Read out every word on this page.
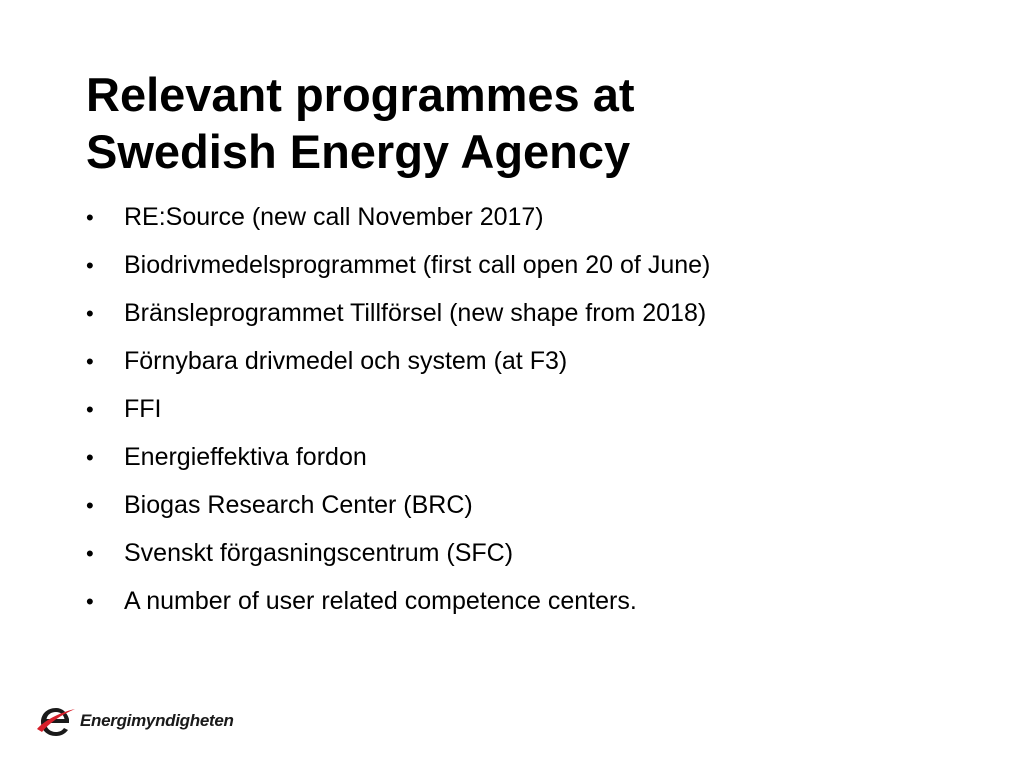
Relevant programmes at
Swedish Energy Agency
•	RE:Source (new call November 2017)
•	Biodrivmedelsprogrammet (first call open 20 of June)
•	Bränsleprogrammet Tillförsel (new shape from 2018)
•	Förnybara drivmedel och system (at F3)
•	FFI
•	Energieffektiva fordon
•	Biogas Research Center (BRC)
•	Svenskt förgasningscentrum (SFC)
•	A number of user related competence centers.
Energimyndigheten
